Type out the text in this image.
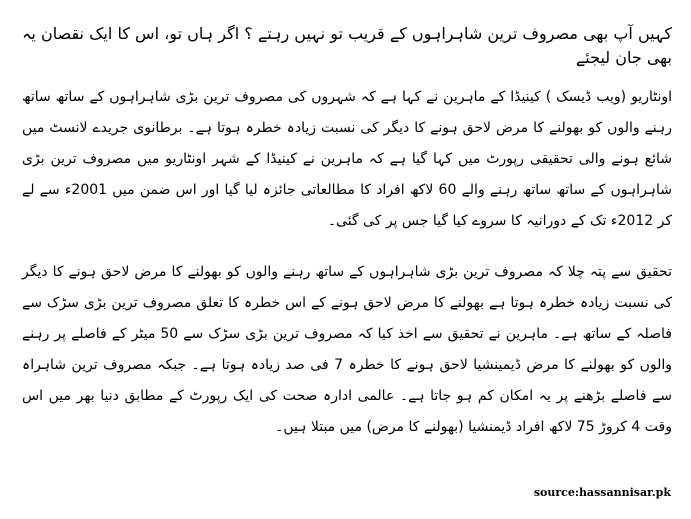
کہیں آپ بھی مصروف ترین شاہراہوں کے قریب تو نہیں رہتے ؟ اگر ہاں تو، اس کا ایک نقصان یہ بھی جان لیجئے

اونٹاریو (ویب ڈیسک ) کینیڈا کے ماہرین نے کہا ہے کہ شہروں کی مصروف ترین بڑی شاہراہوں کے ساتھ ساتھ رہنے والوں کو بھولنے کا مرض لاحق ہونے کا دیگر کی نسبت زیادہ خطرہ ہوتا ہے۔ برطانوی جریدے لانسٹ میں شائع ہونے والی تحقیقی رپورٹ میں کہا گیا ہے کہ ماہرین نے کینیڈا کے شہر اونٹاریو میں مصروف ترین بڑی شاہراہوں کے ساتھ ساتھ رہنے والے 60 لاکھ افراد کا مطالعاتی جائزہ لیا گیا اور اس ضمن میں 2001ء سے لے کر 2012ء تک کے دورانیہ کا سروے کیا گیا جس پر کی گئی۔

تحقیق سے پتہ چلا کہ مصروف ترین بڑی شاہراہوں کے ساتھ رہنے والوں کو بھولنے کا مرض لاحق ہونے کا دیگر کی نسبت زیادہ خطرہ ہوتا ہے بھولنے کا مرض لاحق ہونے کے اس خطرہ کا تعلق مصروف ترین بڑی سڑک سے فاصلہ کے ساتھ ہے۔ ماہرین نے تحقیق سے اخذ کیا کہ مصروف ترین بڑی سڑک سے 50 میٹر کے فاصلے پر رہنے والوں کو بھولنے کا مرض ڈیمینشیا لاحق ہونے کا خطرہ 7 فی صد زیادہ ہوتا ہے۔ جبکہ مصروف ترین شاہراہ سے فاصلے بڑھنے پر یہ امکان کم ہو جاتا ہے۔ عالمی ادارہ صحت کی ایک رپورٹ کے مطابق دنیا بھر میں اس وقت 4 کروڑ 75 لاکھ افراد ڈیمنشیا (بھولنے کا مرض) میں مبتلا ہیں۔

source:hassannisar.pk
